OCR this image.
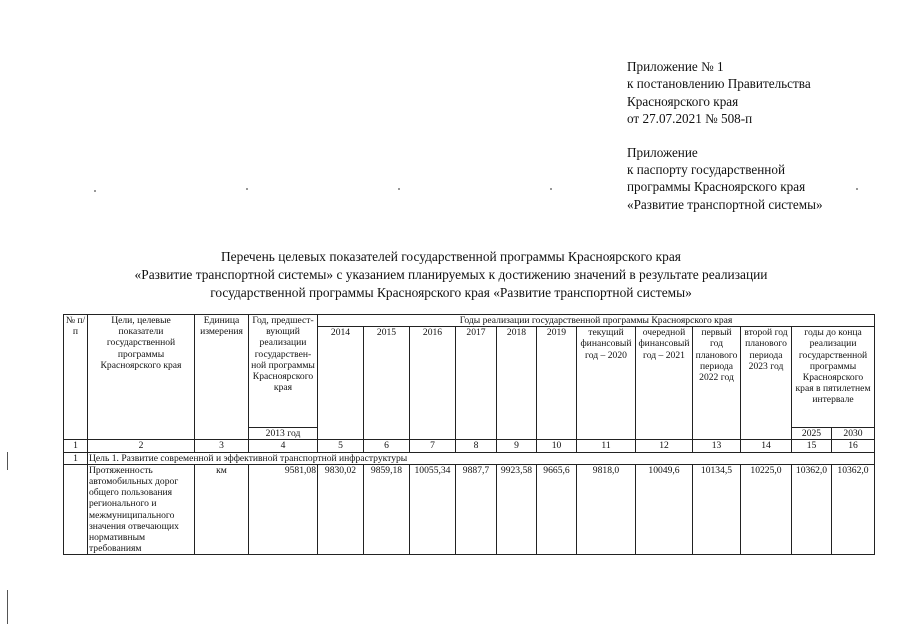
Приложение № 1
к постановлению Правительства
Красноярского края
от 27.07.2021 № 508-п
Приложение
к паспорту государственной
программы Красноярского края
«Развитие транспортной системы»
Перечень целевых показателей государственной программы Красноярского края
«Развитие транспортной системы» с указанием планируемых к достижению значений в результате реализации
государственной программы Красноярского края «Развитие транспортной системы»
№ п/п	Цели, целевые показатели государственной программы Красноярского края	Единица измерения	Год, предшест-вующий реализации государствен-ной программы Красноярского края	Годы реализации государственной программы Красноярского края											
				2014	2015	2016	2017	2018	2019	текущий финансовый год – 2020	очередной финансовый год – 2021	первый год планового периода 2022 год	второй год планового периода 2023 год	годы до конца реализации государственной программы Красноярского края в пятилетнем интервале	
			2013 год											2025	2030
1	2	3	4	5	6	7	8	9	10	11	12	13	14	15	16
1	Цель 1. Развитие современной и эффективной транспортной инфраструктуры														
	Протяженность автомобильных дорог общего пользования регионального и межмуниципального значения отвечающих нормативным требованиям	км	9581,08	9830,02	9859,18	10055,34	9887,7	9923,58	9665,6	9818,0	10049,6	10134,5	10225,0	10362,0	10362,0
